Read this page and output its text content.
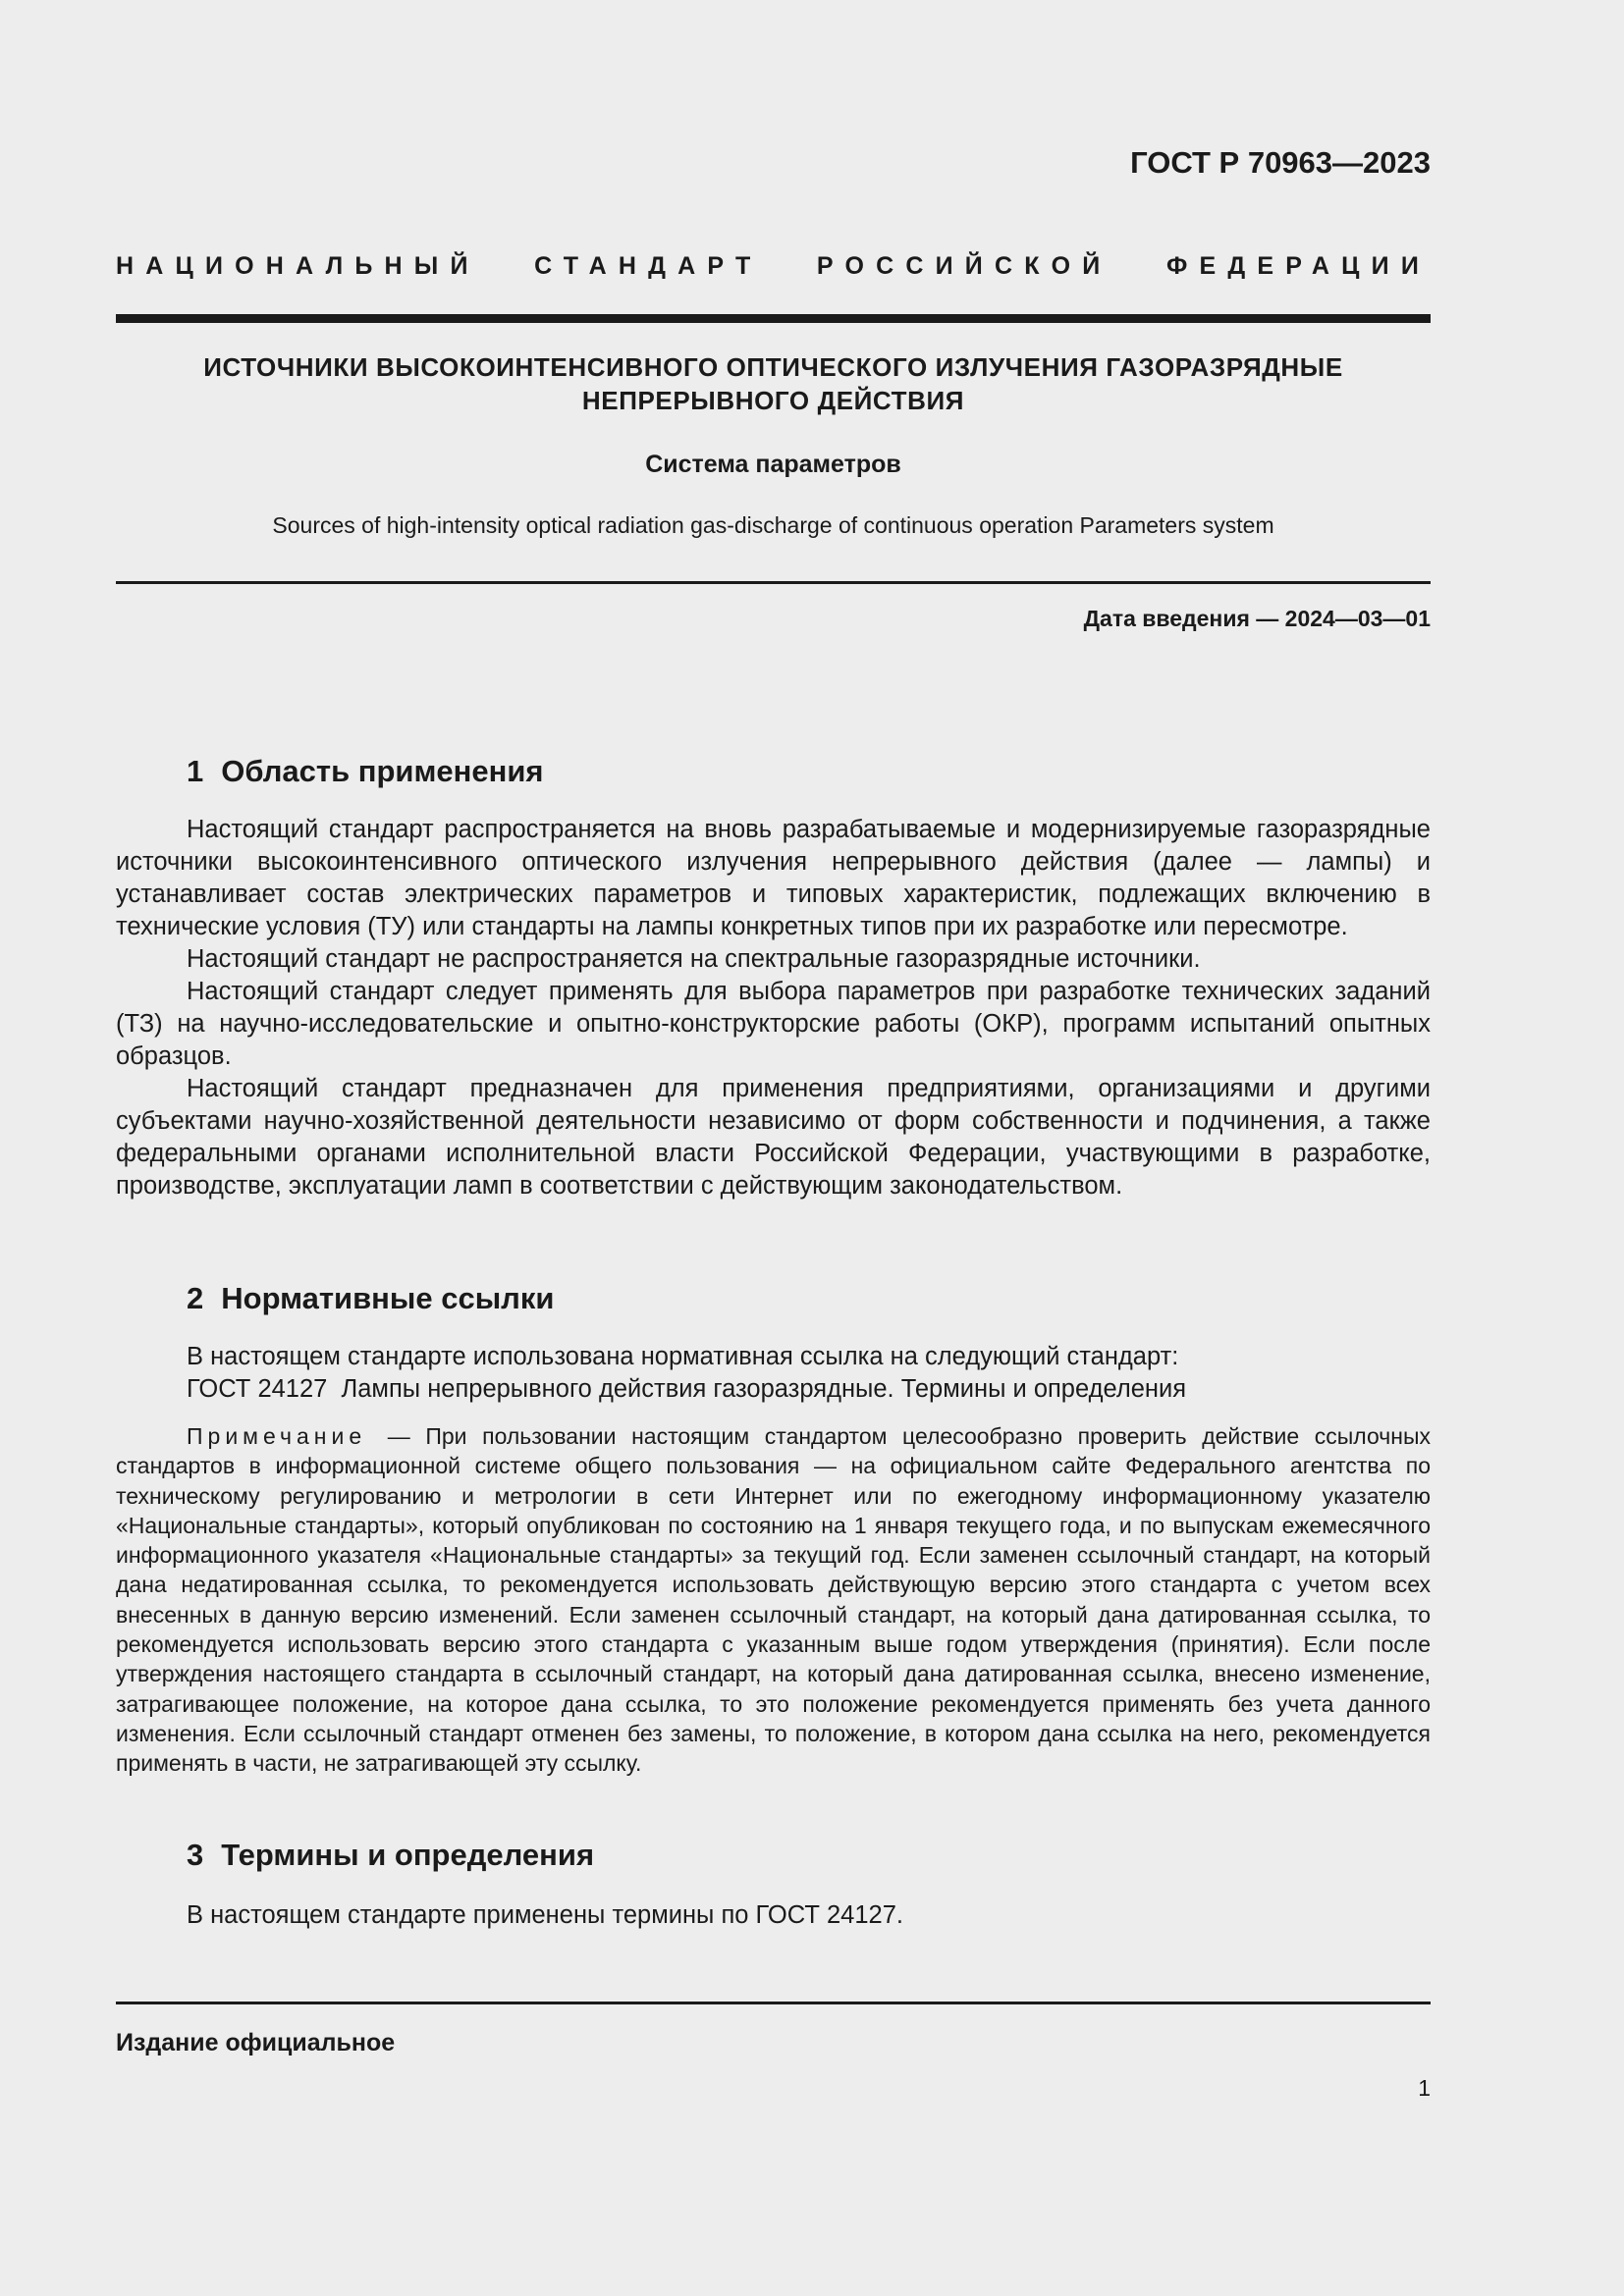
ГОСТ Р 70963—2023
НАЦИОНАЛЬНЫЙ СТАНДАРТ РОССИЙСКОЙ ФЕДЕРАЦИИ
ИСТОЧНИКИ ВЫСОКОИНТЕНСИВНОГО ОПТИЧЕСКОГО ИЗЛУЧЕНИЯ ГАЗОРАЗРЯДНЫЕ
НЕПРЕРЫВНОГО ДЕЙСТВИЯ
Система параметров
Sources of high-intensity optical radiation gas-discharge of continuous operation Parameters system
Дата введения — 2024—03—01
1 Область применения

Настоящий стандарт распространяется на вновь разрабатываемые и модернизируемые газоразрядные источники высокоинтенсивного оптического излучения непрерывного действия (далее — лампы) и устанавливает состав электрических параметров и типовых характеристик, подлежащих включению в технические условия (ТУ) или стандарты на лампы конкретных типов при их разработке или пересмотре.

Настоящий стандарт не распространяется на спектральные газоразрядные источники.

Настоящий стандарт следует применять для выбора параметров при разработке технических заданий (ТЗ) на научно-исследовательские и опытно-конструкторские работы (ОКР), программ испытаний опытных образцов.

Настоящий стандарт предназначен для применения предприятиями, организациями и другими субъектами научно-хозяйственной деятельности независимо от форм собственности и подчинения, а также федеральными органами исполнительной власти Российской Федерации, участвующими в разработке, производстве, эксплуатации ламп в соответствии с действующим законодательством.

2 Нормативные ссылки
В настоящем стандарте использована нормативная ссылка на следующий стандарт:
ГОСТ 24127  Лампы непрерывного действия газоразрядные. Термины и определения

Примечание — При пользовании настоящим стандартом целесообразно проверить действие ссылочных стандартов в информационной системе общего пользования — на официальном сайте Федерального агентства по техническому регулированию и метрологии в сети Интернет или по ежегодному информационному указателю «Национальные стандарты», который опубликован по состоянию на 1 января текущего года, и по выпускам ежемесячного информационного указателя «Национальные стандарты» за текущий год. Если заменен ссылочный стандарт, на который дана недатированная ссылка, то рекомендуется использовать действующую версию этого стандарта с учетом всех внесенных в данную версию изменений. Если заменен ссылочный стандарт, на который дана датированная ссылка, то рекомендуется использовать версию этого стандарта с указанным выше годом утверждения (принятия). Если после утверждения настоящего стандарта в ссылочный стандарт, на который дана датированная ссылка, внесено изменение, затрагивающее положение, на которое дана ссылка, то это положение рекомендуется применять без учета данного изменения. Если ссылочный стандарт отменен без замены, то положение, в котором дана ссылка на него, рекомендуется применять в части, не затрагивающей эту ссылку.

3 Термины и определения
В настоящем стандарте применены термины по ГОСТ 24127.
Издание официальное
1
